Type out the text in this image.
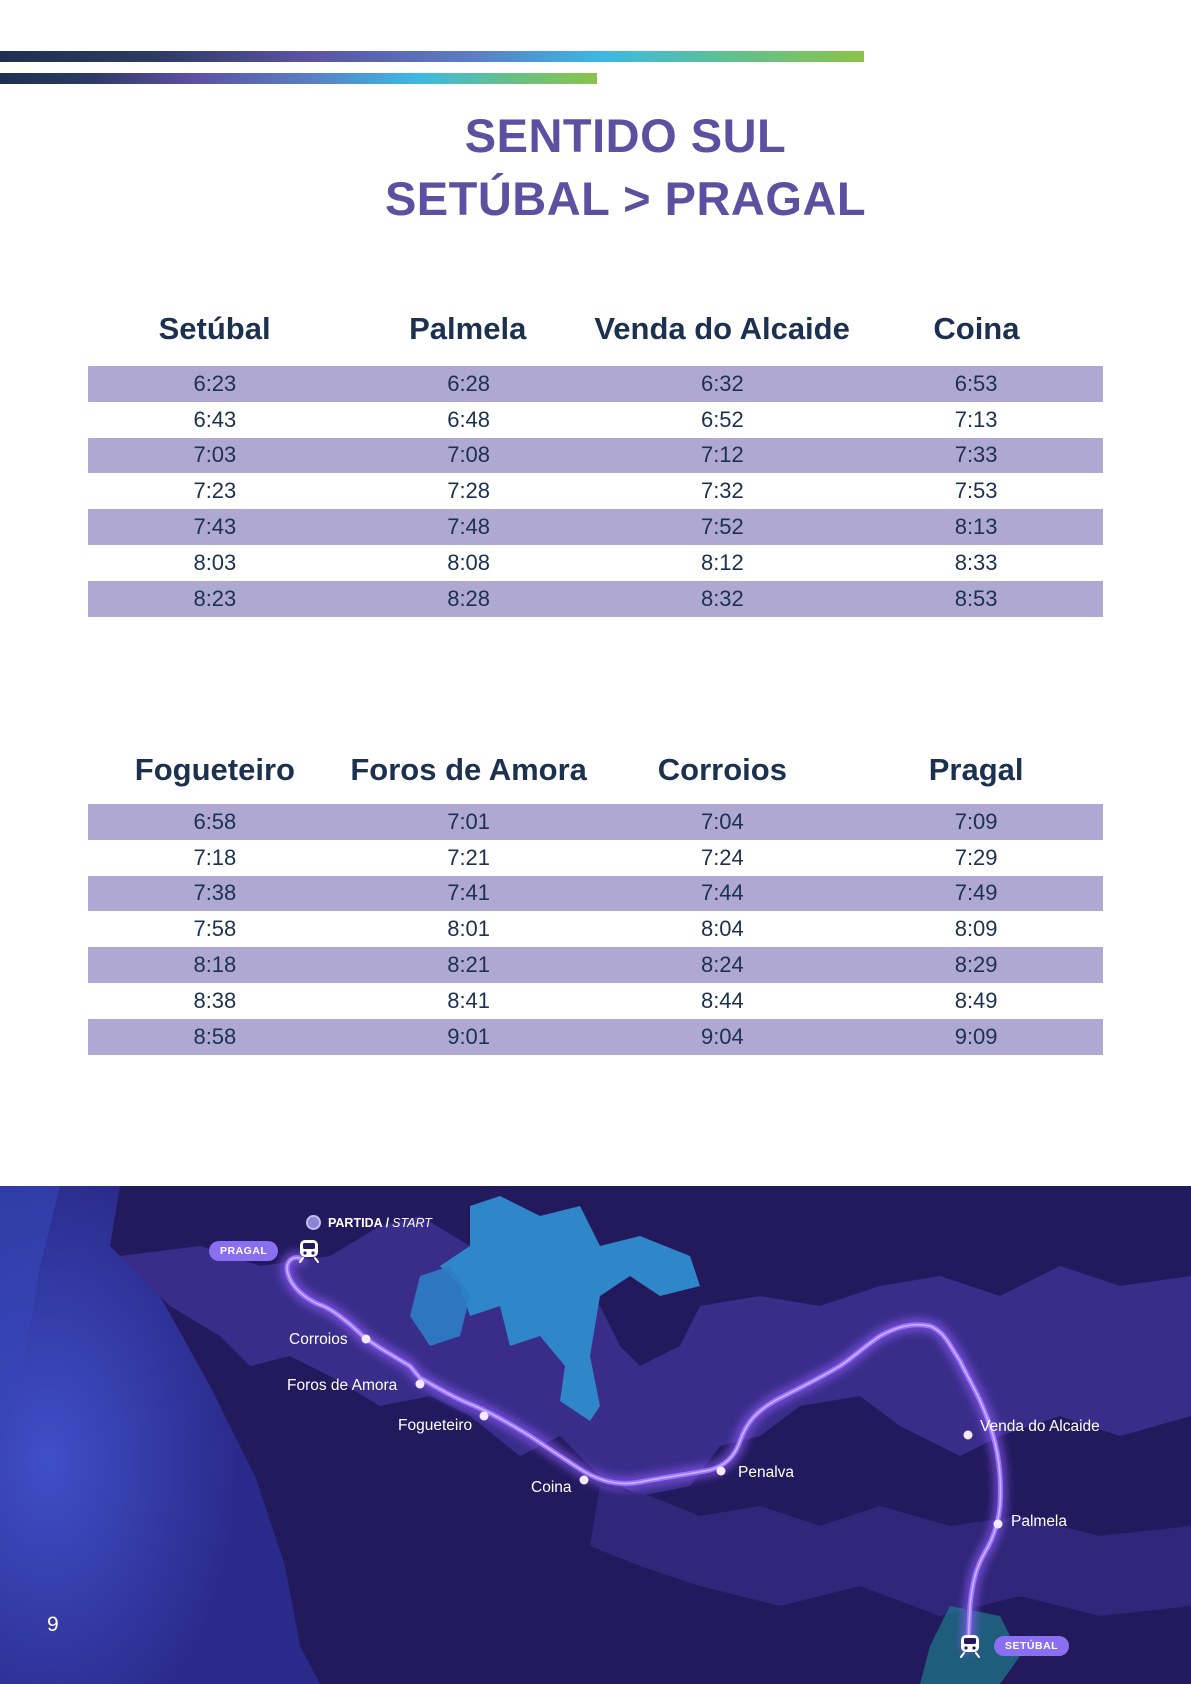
SENTIDO SUL
SETÚBAL > PRAGAL
Setúbal	Palmela	Venda do Alcaide	Coina
6:23	6:28	6:32	6:53
6:43	6:48	6:52	7:13
7:03	7:08	7:12	7:33
7:23	7:28	7:32	7:53
7:43	7:48	7:52	8:13
8:03	8:08	8:12	8:33
8:23	8:28	8:32	8:53
Fogueteiro	Foros de Amora	Corroios	Pragal
6:58	7:01	7:04	7:09
7:18	7:21	7:24	7:29
7:38	7:41	7:44	7:49
7:58	8:01	8:04	8:09
8:18	8:21	8:24	8:29
8:38	8:41	8:44	8:49
8:58	9:01	9:04	9:09
PRAGAL
SETÚBAL
PARTIDA / START
Corroios
Foros de Amora
Fogueteiro
Coina
Penalva
Venda do Alcaide
Palmela
9
